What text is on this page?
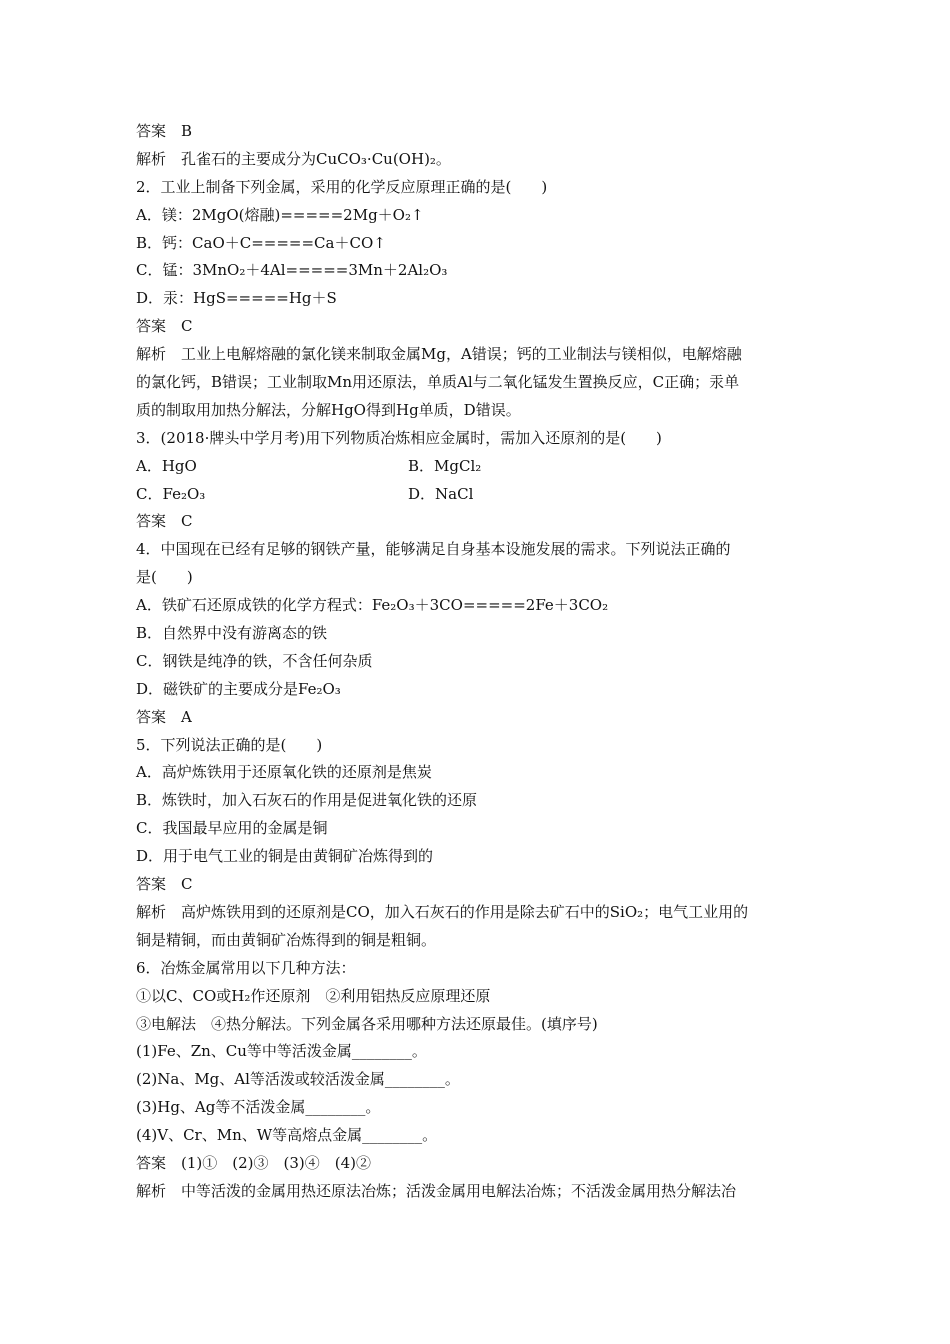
答案　B
解析　孔雀石的主要成分为CuCO₃·Cu(OH)₂。
2．工业上制备下列金属，采用的化学反应原理正确的是(　　)
A．镁：2MgO(熔融)=====2Mg＋O₂↑
B．钙：CaO＋C=====Ca＋CO↑
C．锰：3MnO₂＋4Al=====3Mn＋2Al₂O₃
D．汞：HgS=====Hg＋S
答案　C
解析　工业上电解熔融的氯化镁来制取金属Mg，A错误；钙的工业制法与镁相似，电解熔融
的氯化钙，B错误；工业制取Mn用还原法，单质Al与二氧化锰发生置换反应，C正确；汞单
质的制取用加热分解法，分解HgO得到Hg单质，D错误。
3．(2018·牌头中学月考)用下列物质冶炼相应金属时，需加入还原剂的是(　　)
A．HgO	B．MgCl₂
C．Fe₂O₃	D．NaCl
答案　C
4．中国现在已经有足够的钢铁产量，能够满足自身基本设施发展的需求。下列说法正确的
是(　　)
A．铁矿石还原成铁的化学方程式：Fe₂O₃＋3CO=====2Fe＋3CO₂
B．自然界中没有游离态的铁
C．钢铁是纯净的铁，不含任何杂质
D．磁铁矿的主要成分是Fe₂O₃
答案　A
5．下列说法正确的是(　　)
A．高炉炼铁用于还原氧化铁的还原剂是焦炭
B．炼铁时，加入石灰石的作用是促进氧化铁的还原
C．我国最早应用的金属是铜
D．用于电气工业的铜是由黄铜矿冶炼得到的
答案　C
解析　高炉炼铁用到的还原剂是CO，加入石灰石的作用是除去矿石中的SiO₂；电气工业用的
铜是精铜，而由黄铜矿冶炼得到的铜是粗铜。
6．冶炼金属常用以下几种方法：
①以C、CO或H₂作还原剂　②利用铝热反应原理还原
③电解法　④热分解法。下列金属各采用哪种方法还原最佳。(填序号)
(1)Fe、Zn、Cu等中等活泼金属________。
(2)Na、Mg、Al等活泼或较活泼金属________。
(3)Hg、Ag等不活泼金属________。
(4)V、Cr、Mn、W等高熔点金属________。
答案　(1)①　(2)③　(3)④　(4)②
解析　中等活泼的金属用热还原法冶炼；活泼金属用电解法冶炼；不活泼金属用热分解法冶
